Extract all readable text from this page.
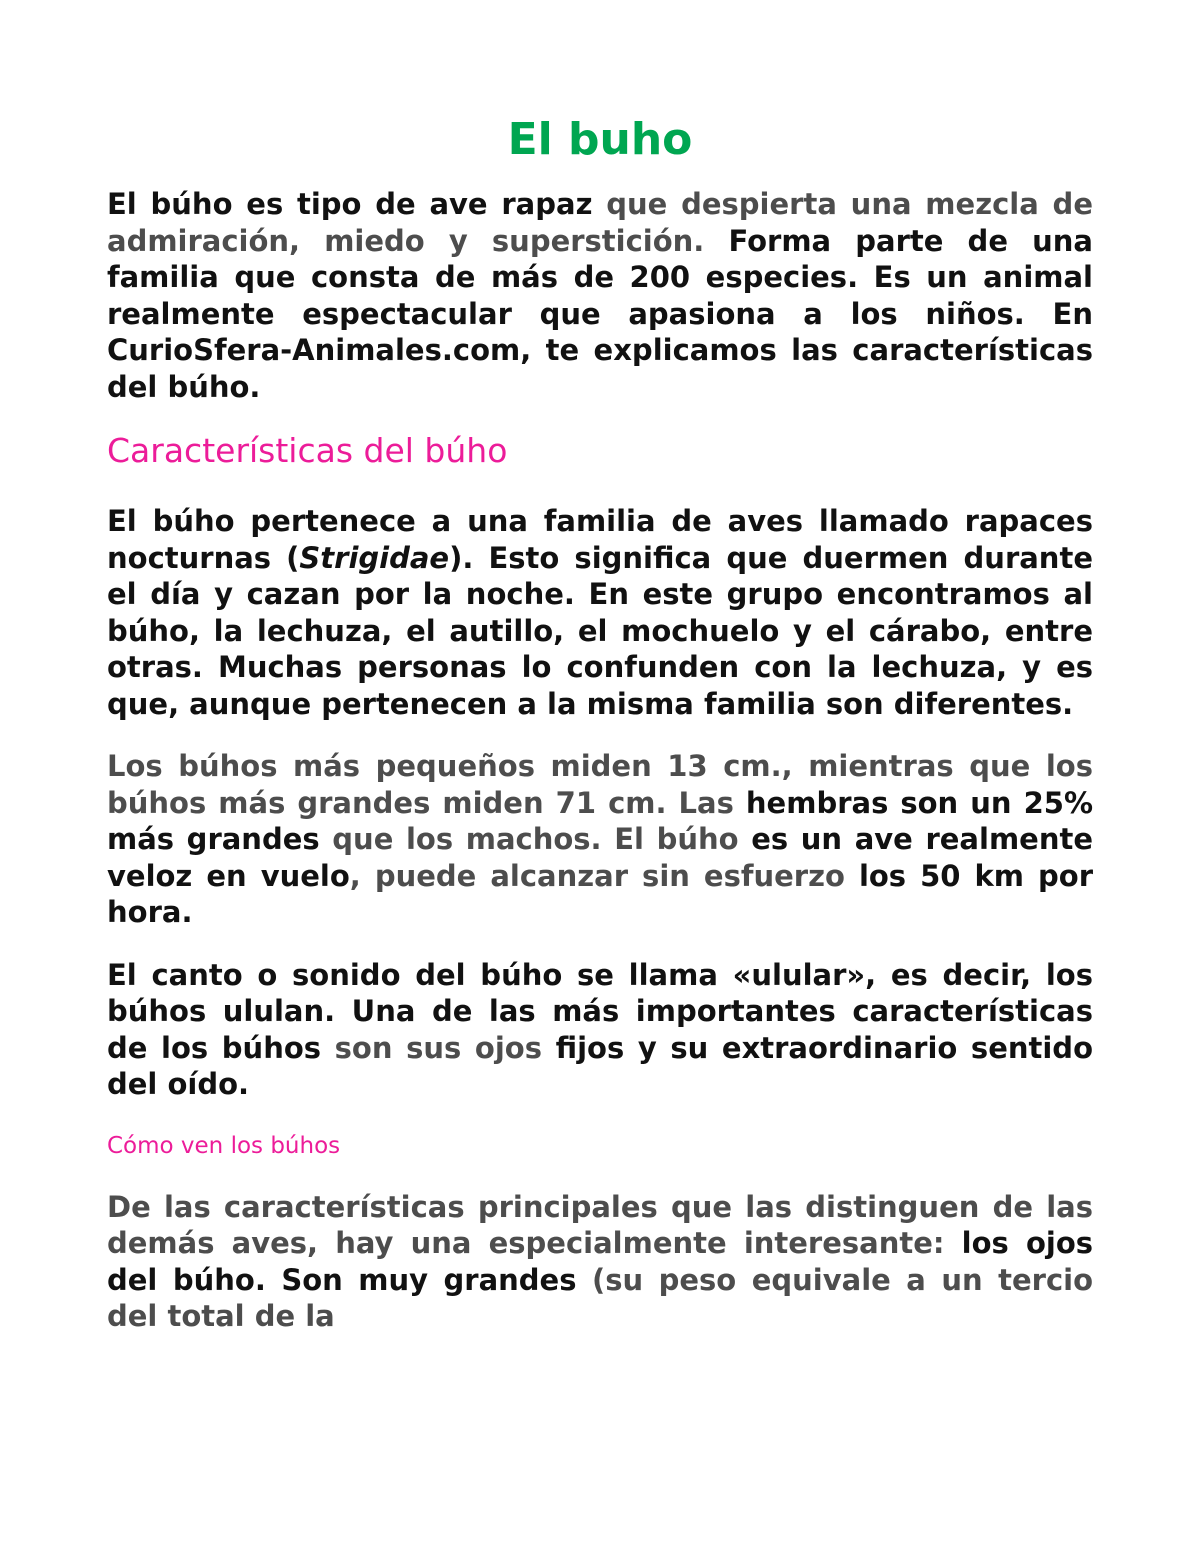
El buho

El búho es tipo de ave rapaz que despierta una mezcla de admiración, miedo y superstición. Forma parte de una familia que consta de más de 200 especies. Es un animal realmente espectacular que apasiona a los niños. En CurioSfera-Animales.com, te explicamos las características del búho.

Características del búho

El búho pertenece a una familia de aves llamado rapaces nocturnas (Strigidae). Esto significa que duermen durante el día y cazan por la noche. En este grupo encontramos al búho, la lechuza, el autillo, el mochuelo y el cárabo, entre otras. Muchas personas lo confunden con la lechuza, y es que, aunque pertenecen a la misma familia son diferentes.

Los búhos más pequeños miden 13 cm., mientras que los búhos más grandes miden 71 cm. Las hembras son un 25% más grandes que los machos. El búho es un ave realmente veloz en vuelo, puede alcanzar sin esfuerzo los 50 km por hora.

El canto o sonido del búho se llama «ulular», es decir, los búhos ululan. Una de las más importantes características de los búhos son sus ojos fijos y su extraordinario sentido del oído.

Cómo ven los búhos

De las características principales que las distinguen de las demás aves, hay una especialmente interesante: los ojos del búho. Son muy grandes (su peso equivale a un tercio del total de la
